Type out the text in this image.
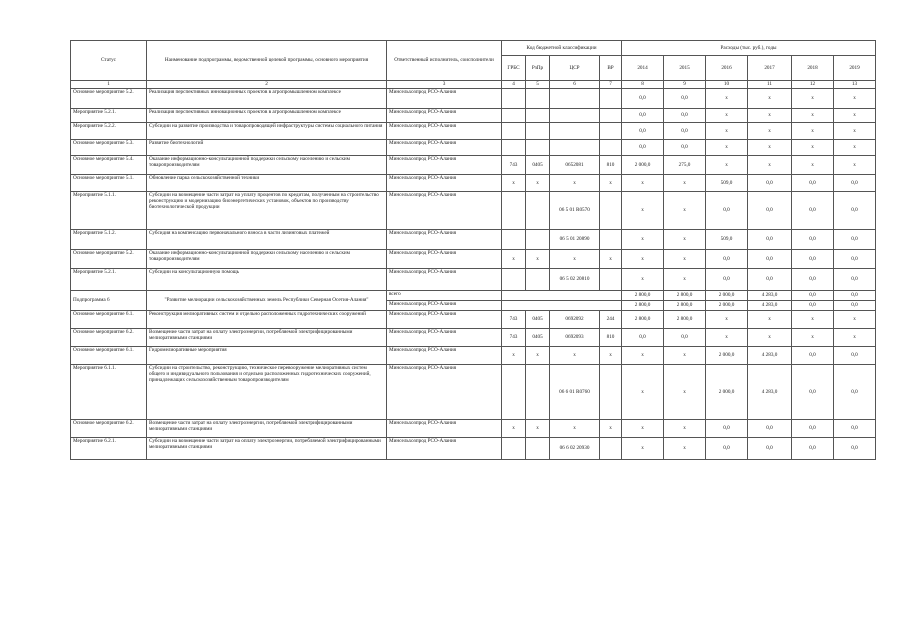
Статус	Наименование подпрограммы, ведомственной целевой программы, основного мероприятия	Ответственный исполнитель, соисполнители	Код бюджетной классификации				Расходы (тыс. руб.), годы					
			ГРБС	РзПр	ЦСР	ВР	2014	2015	2016	2017	2018	2019
1	2	3	4	5	6	7	8	9	10	11	12	13
Основное мероприятие 5.2.	Реализация перспективных инновационных проектов в агропромышленном комплексе	Минсельхозпрод РСО-Алания					0,0	0,0	x	x	x	x
Мероприятие 5.2.1.	Реализация перспективных инновационных проектов в агропромышленном комплексе	Минсельхозпрод РСО-Алания					0,0	0,0	x	x	x	x
Мероприятие 5.2.2.	Субсидии на развитие производства и товаропроводящей инфраструктуры системы социального питания	Минсельхозпрод РСО-Алания					0,0	0,0	x	x	x	x
Основное мероприятие 5.3.	Развитие биотехнологий	Минсельхозпрод РСО-Алания					0,0	0,0	x	x	x	x
Основное мероприятие 5.4.	Оказание информационно-консультационной поддержки сельскому населению и сельским товаропроизводителям	Минсельхозпрод РСО-Алания	743	0405	0652081	810	2 000,0	275,0	x	x	x	x
Основное мероприятие 5.1.	Обновление парка сельскохозяйственной техники	Минсельхозпрод РСО-Алания	x	x	x	x	x	x	509,0	0,0	0,0	0,0
Мероприятие 5.1.1.	Субсидии на возмещение части затрат на уплату процентов по кредитам, полученным на строительство реконструкцию и модернизацию биоэнергетических установок, объектов по производству биотехнологической продукции	Минсельхозпрод РСО-Алания			06 5 01 R0570		x	x	0,0	0,0	0,0	0,0
Мероприятие 5.1.2.	Субсидия на компенсацию первоначального взноса в части лизинговых платежей	Минсельхозпрод РСО-Алания			06 5 01 20890		x	x	509,0	0,0	0,0	0,0
Основное мероприятие 5.2.	Оказание информационно-консультационной поддержки сельскому населению и сельским товаропроизводителям	Минсельхозпрод РСО-Алания	x	x	x	x	x	x	0,0	0,0	0,0	0,0
Мероприятие 5.2.1.	Субсидии на консультационную помощь	Минсельхозпрод РСО-Алания			06 5 02 20810		x	x	0,0	0,0	0,0	0,0
Подпрограмма 6	"Развитие мелиорации сельскохозяйственных земель Республики Северная Осетия-Алания"	всего					2 800,0	2 800,0	2 000,0	4 283,0	0,0	0,0
		Минсельхозпрод РСО-Алания					2 800,0	2 800,0	2 000,0	4 283,0	0,0	0,0
Основное мероприятие 6.1.	Реконструкция мелиоративных систем и отдельно расположенных гидротехнических сооружений	Минсельхозпрод РСО-Алания	743	0405	0692092	244	2 800,0	2 800,0	x	x	x	x
Основное мероприятие 6.2.	Возмещение части затрат на оплату электроэнергии, потребляемой электрифицированными мелиоративными станциями	Минсельхозпрод РСО-Алания	743	0405	0692093	810	0,0	0,0	x	x	x	x
Основное мероприятие 6.1.	Гидромелиоративные мероприятия	Минсельхозпрод РСО-Алания	x	x	x	x	x	x	2 000,0	4 283,0	0,0	0,0
Мероприятие 6.1.1.	Субсидии на строительство, реконструкцию, техническое перевооружение мелиоративных систем общего и индивидуального пользования и отдельно расположенных гидротехнических сооружений, принадлежащих сельскохозяйственным товаропроизводителям	Минсельхозпрод РСО-Алания			06 6 01 R0760		x	x	2 000,0	4 283,0	0,0	0,0
Основное мероприятие 6.2.	Возмещение части затрат на оплату электроэнергии, потребляемой электрифицированными мелиоративными станциями	Минсельхозпрод РСО-Алания	x	x	x	x	x	x	0,0	0,0	0,0	0,0
Мероприятие 6.2.1.	Субсидии на возмещение части затрат на оплату электроэнергии, потребляемой электрифицированными мелиоративными станциями	Минсельхозпрод РСО-Алания			06 6 02 20930		x	x	0,0	0,0	0,0	0,0
